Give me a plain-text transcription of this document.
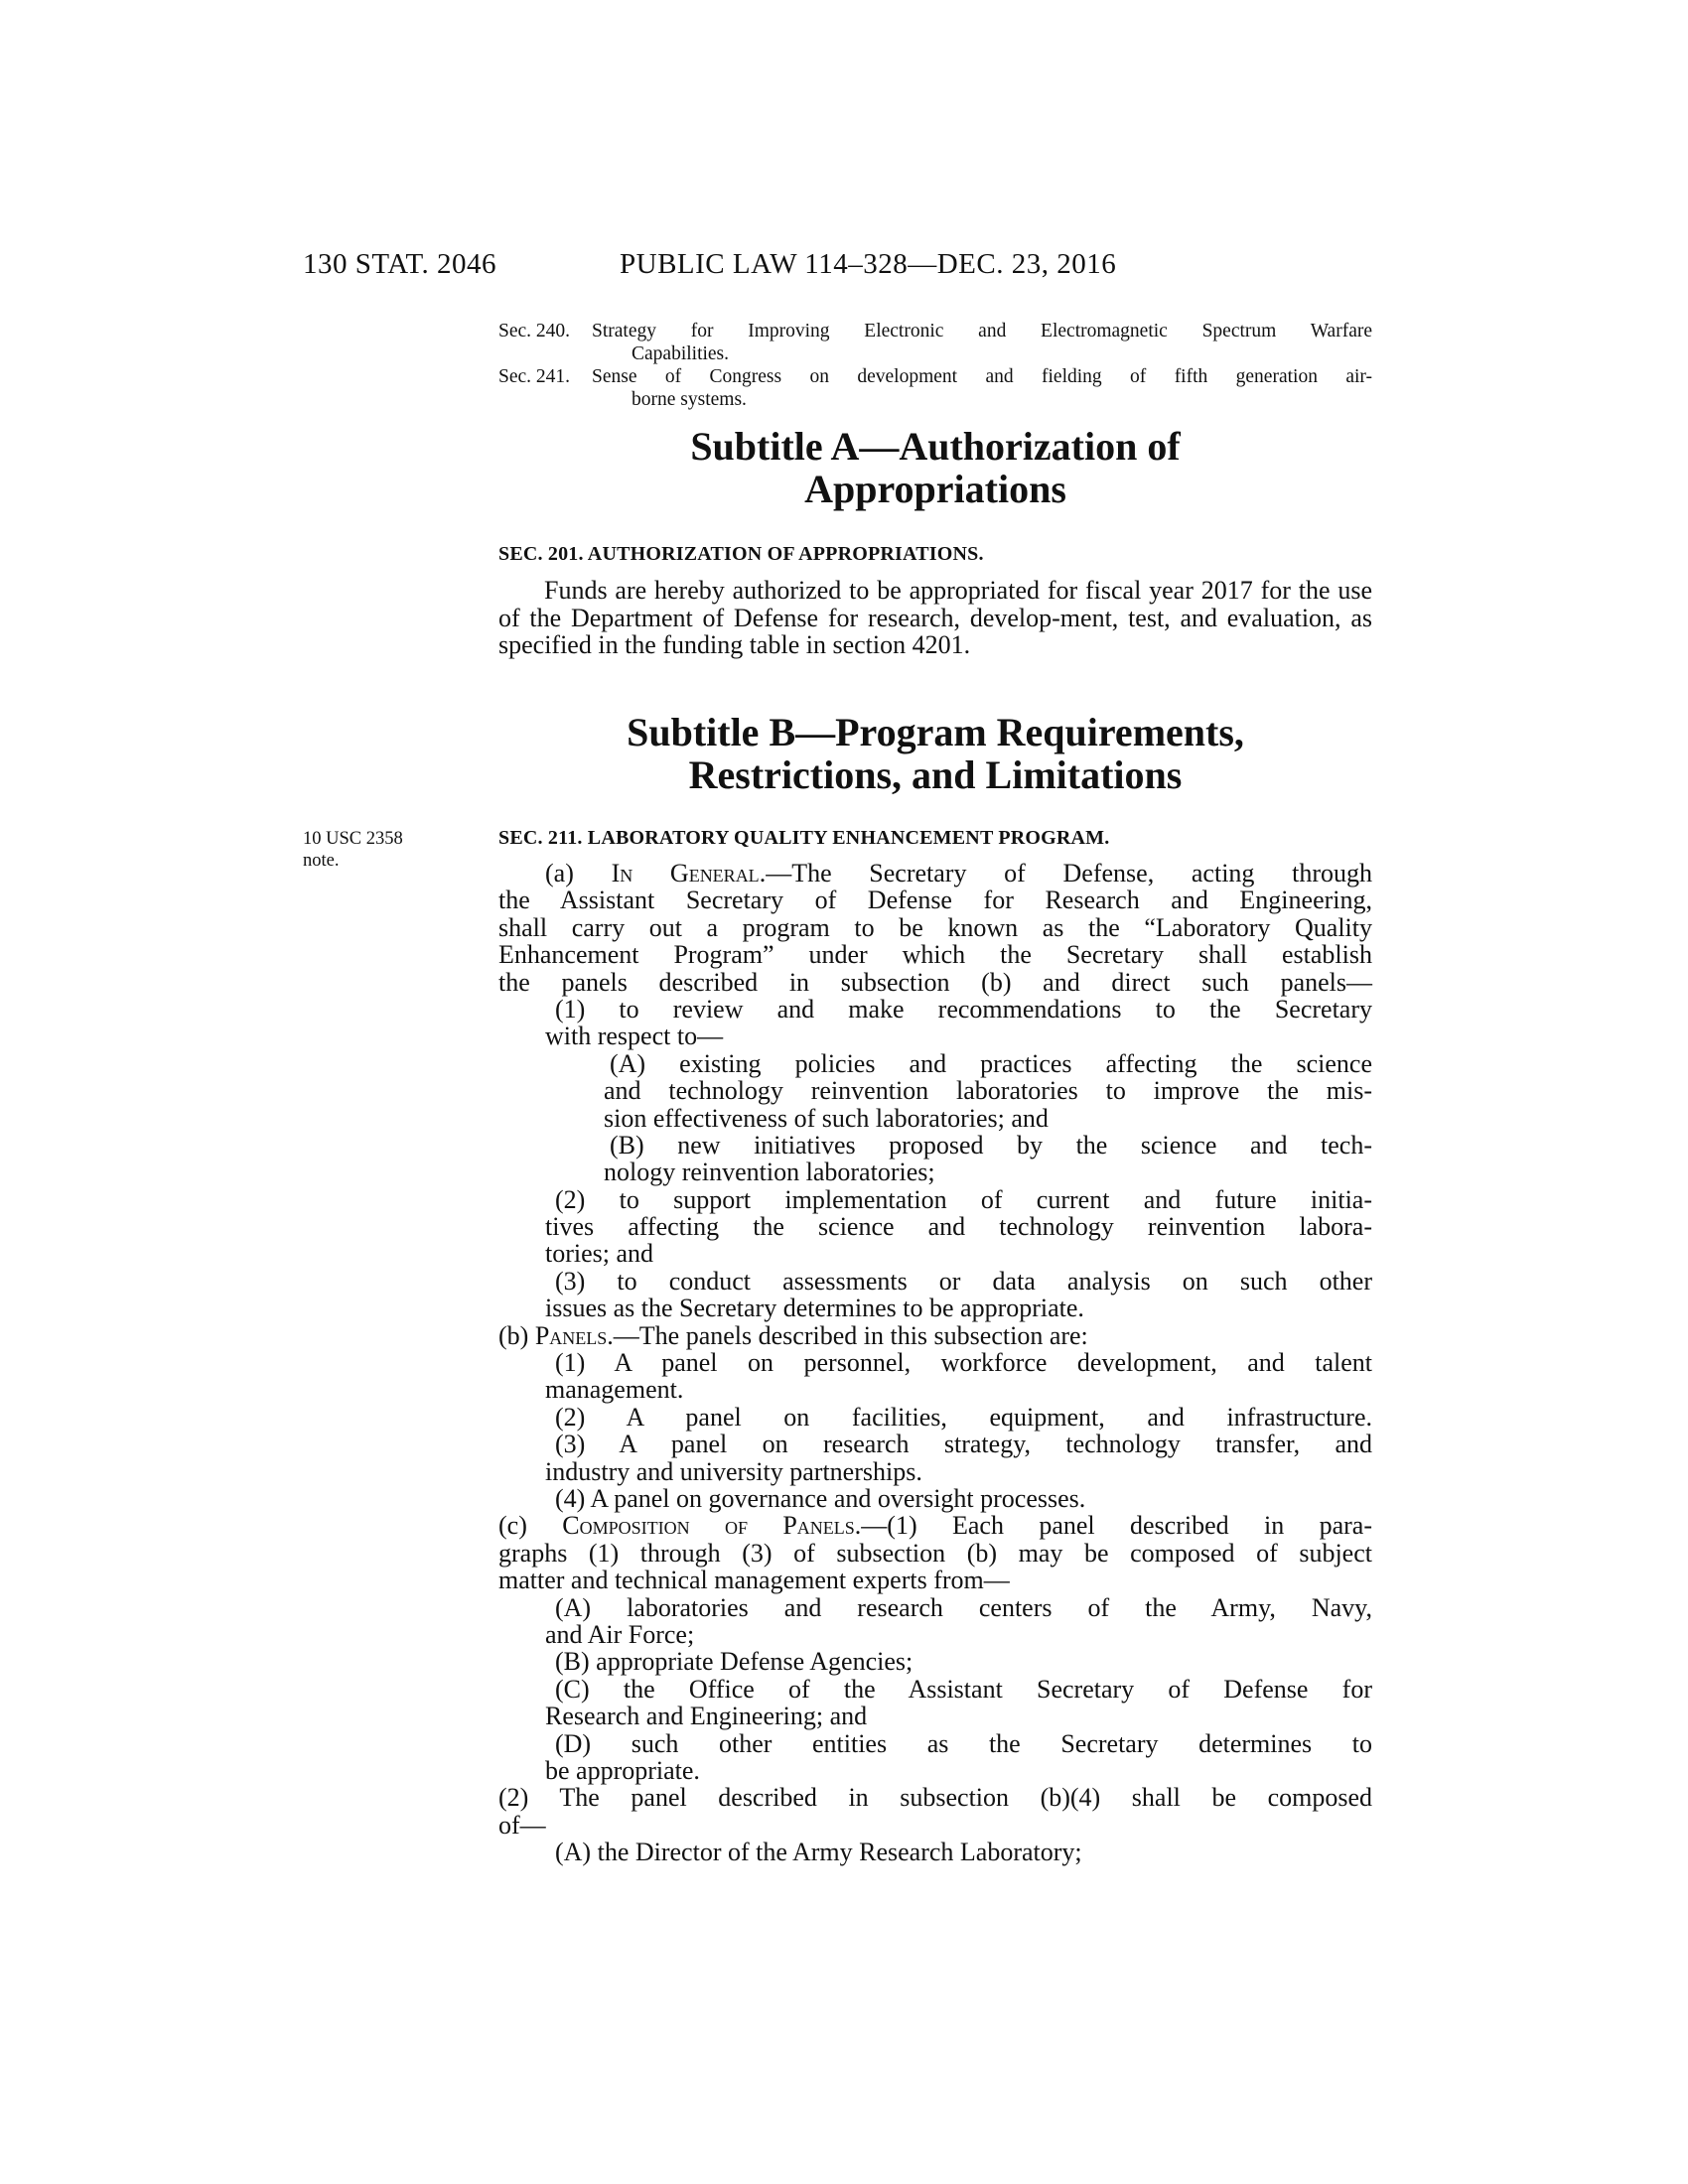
130 STAT. 2046	PUBLIC LAW 114–328—DEC. 23, 2016
Sec. 240. Strategy for Improving Electronic and Electromagnetic Spectrum Warfare
Capabilities.
Sec. 241. Sense of Congress on development and fielding of fifth generation air-
borne systems.
Subtitle A—Authorization of
Appropriations
SEC. 201. AUTHORIZATION OF APPROPRIATIONS.
Funds are hereby authorized to be appropriated for fiscal year 2017 for the use of the Department of Defense for research, develop-ment, test, and evaluation, as specified in the funding table in section 4201.
Subtitle B—Program Requirements,
Restrictions, and Limitations
10 USC 2358
note.
SEC. 211. LABORATORY QUALITY ENHANCEMENT PROGRAM.
(a) In General.—The Secretary of Defense, acting through
the Assistant Secretary of Defense for Research and Engineering,
shall carry out a program to be known as the “Laboratory Quality
Enhancement Program” under which the Secretary shall establish
the panels described in subsection (b) and direct such panels—
(1) to review and make recommendations to the Secretary
with respect to—
(A) existing policies and practices affecting the science
and technology reinvention laboratories to improve the mis-
sion effectiveness of such laboratories; and
(B) new initiatives proposed by the science and tech-
nology reinvention laboratories;
(2) to support implementation of current and future initia-
tives affecting the science and technology reinvention labora-
tories; and
(3) to conduct assessments or data analysis on such other
issues as the Secretary determines to be appropriate.
(b) Panels.—The panels described in this subsection are:
(1) A panel on personnel, workforce development, and talent
management.
(2) A panel on facilities, equipment, and infrastructure.
(3) A panel on research strategy, technology transfer, and
industry and university partnerships.
(4) A panel on governance and oversight processes.
(c) Composition of Panels.—(1) Each panel described in para-
graphs (1) through (3) of subsection (b) may be composed of subject
matter and technical management experts from—
(A) laboratories and research centers of the Army, Navy,
and Air Force;
(B) appropriate Defense Agencies;
(C) the Office of the Assistant Secretary of Defense for
Research and Engineering; and
(D) such other entities as the Secretary determines to
be appropriate.
(2) The panel described in subsection (b)(4) shall be composed
of—
(A) the Director of the Army Research Laboratory;
